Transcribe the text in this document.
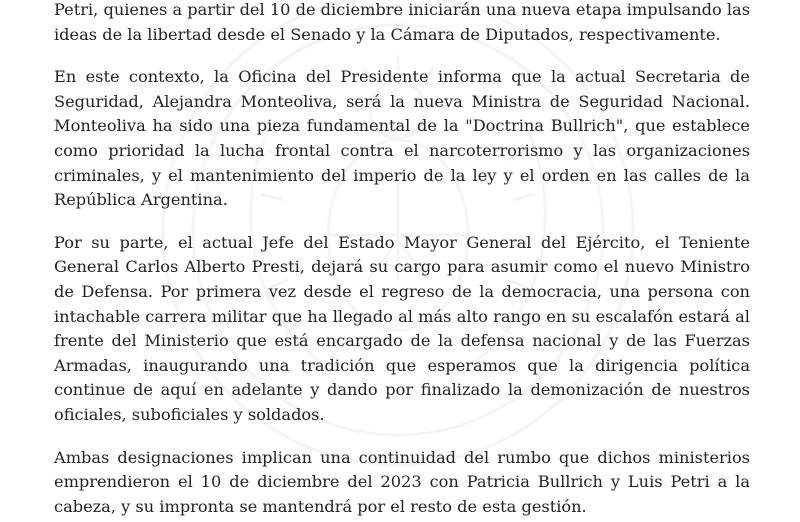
Petri, quienes a partir del 10 de diciembre iniciarán una nueva etapa impulsando las ideas de la libertad desde el Senado y la Cámara de Diputados, respectivamente.

En este contexto, la Oficina del Presidente informa que la actual Secretaria de Seguridad, Alejandra Monteoliva, será la nueva Ministra de Seguridad Nacional. Monteoliva ha sido una pieza fundamental de la "Doctrina Bullrich", que establece como prioridad la lucha frontal contra el narcoterrorismo y las organizaciones criminales, y el mantenimiento del imperio de la ley y el orden en las calles de la República Argentina.

Por su parte, el actual Jefe del Estado Mayor General del Ejército, el Teniente General Carlos Alberto Presti, dejará su cargo para asumir como el nuevo Ministro de Defensa. Por primera vez desde el regreso de la democracia, una persona con intachable carrera militar que ha llegado al más alto rango en su escalafón estará al frente del Ministerio que está encargado de la defensa nacional y de las Fuerzas Armadas, inaugurando una tradición que esperamos que la dirigencia política continue de aquí en adelante y dando por finalizado la demonización de nuestros oficiales, suboficiales y soldados.

Ambas designaciones implican una continuidad del rumbo que dichos ministerios emprendieron el 10 de diciembre del 2023 con Patricia Bullrich y Luis Petri a la cabeza, y su impronta se mantendrá por el resto de esta gestión.
